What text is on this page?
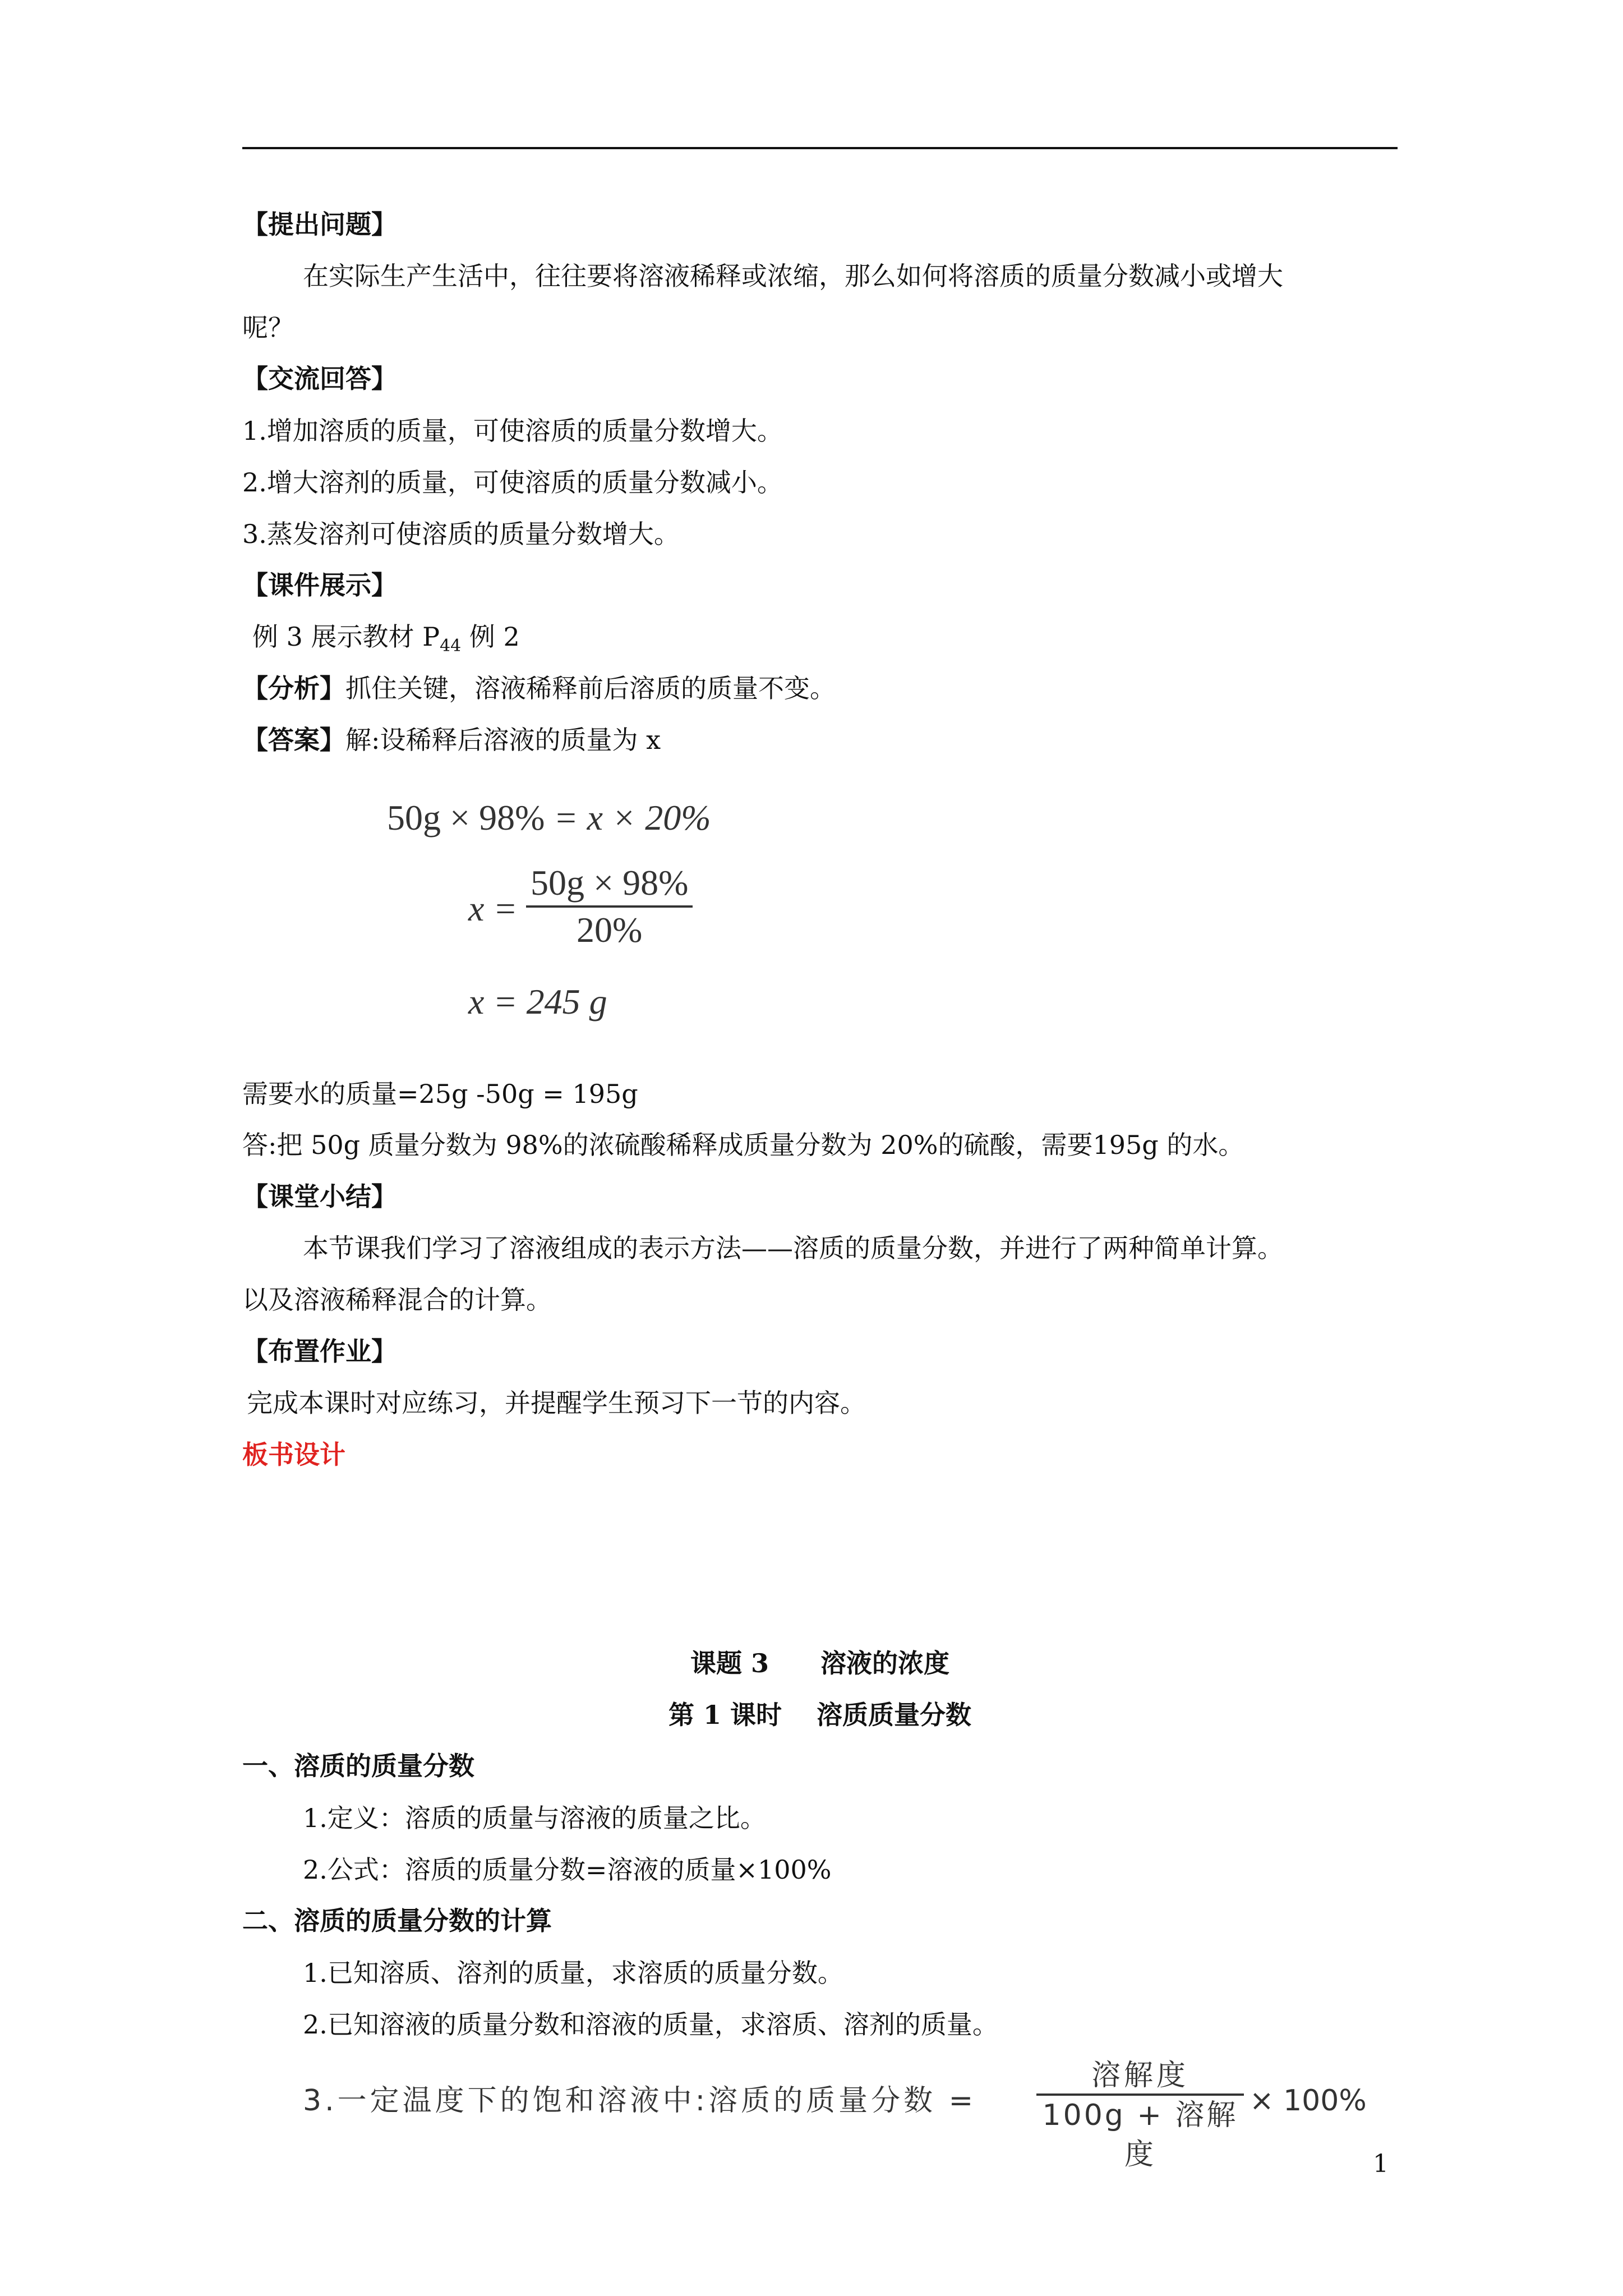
【提出问题】
在实际生产生活中，往往要将溶液稀释或浓缩，那么如何将溶质的质量分数减小或增大
呢？
【交流回答】
1.增加溶质的质量，可使溶质的质量分数增大。
2.增大溶剂的质量，可使溶质的质量分数减小。
3.蒸发溶剂可使溶质的质量分数增大。
【课件展示】
例 3 展示教材 $P_{44}$ 例 2
【分析】抓住关键，溶液稀释前后溶质的质量不变。
【答案】解:设稀释后溶液的质量为 x
50g × 98% = x × 20%
x =
50g × 98%
20%
x = 245 g
需要水的质量=25g -50g = 195g
答:把 50g 质量分数为 98%的浓硫酸稀释成质量分数为 20%的硫酸，需要195g 的水。
【课堂小结】
本节课我们学习了溶液组成的表示方法——溶质的质量分数，并进行了两种简单计算。
以及溶液稀释混合的计算。
【布置作业】
完成本课时对应练习，并提醒学生预习下一节的内容。
板书设计
课题 3　　溶液的浓度
第 1 课时　 溶质质量分数
一、溶质的质量分数
1.定义：溶质的质量与溶液的质量之比。
2.公式：溶质的质量分数=溶液的质量×100%
二、溶质的质量分数的计算
1.已知溶质、溶剂的质量，求溶质的质量分数。
2.已知溶液的质量分数和溶液的质量，求溶质、溶剂的质量。
3.一定温度下的饱和溶液中:溶质的质量分数 =
溶解度
100g + 溶解度
× 100%
1
